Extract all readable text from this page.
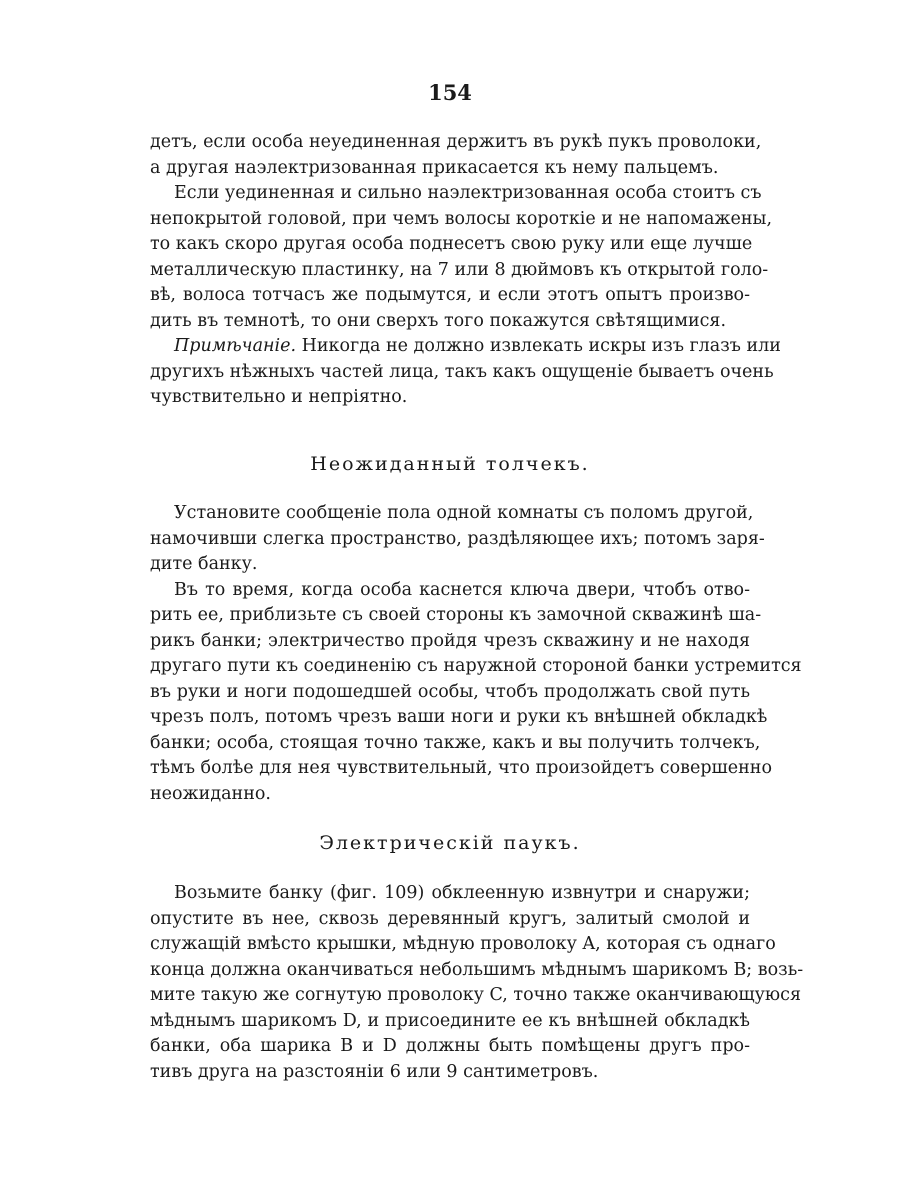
154
детъ, если особа неуединенная держитъ въ рукѣ пукъ проволоки,
а другая наэлектризованная прикасается къ нему пальцемъ.
Если уединенная и сильно наэлектризованная особа стоитъ съ
непокрытой головой, при чемъ волосы короткiе и не напомажены,
то какъ скоро другая особа поднесетъ свою руку или еще лучше
металлическую пластинку, на 7 или 8 дюймовъ къ открытой голо-
вѣ, волоса тотчасъ же подымутся, и если этотъ опытъ произво-
дить въ темнотѣ, то они сверхъ того покажутся свѣтящимися.
Примѣчанiе. Никогда не должно извлекать искры изъ глазъ или
другихъ нѣжныхъ частей лица, такъ какъ ощущенiе бываетъ очень
чувствительно и непрiятно.
Неожиданный толчекъ.
Установите сообщенiе пола одной комнаты съ поломъ другой,
намочивши слегка пространство, раздѣляющее ихъ; потомъ заря-
дите банку.
Въ то время, когда особа каснется ключа двери, чтобъ отво-
рить ее, приблизьте съ своей стороны къ замочной скважинѣ ша-
рикъ банки; электричество пройдя чрезъ скважину и не находя
другаго пути къ соединенiю съ наружной стороной банки устремится
въ руки и ноги подошедшей особы, чтобъ продолжать свой путь
чрезъ полъ, потомъ чрезъ ваши ноги и руки къ внѣшней обкладкѣ
банки; особа, стоящая точно также, какъ и вы получить толчекъ,
тѣмъ болѣе для нея чувствительный, что произойдетъ совершенно
неожиданно.
Электрическiй паукъ.
Возьмите банку (фиг. 109) обклеенную извнутри и снаружи;
опустите въ нее, сквозь деревянный кругъ, залитый смолой и
служащiй вмѣсто крышки, мѣдную проволоку A, которая съ однаго
конца должна оканчиваться небольшимъ мѣднымъ шарикомъ B; возь-
мите такую же согнутую проволоку C, точно также оканчивающуюся
мѣднымъ шарикомъ D, и присоедините ее къ внѣшней обкладкѣ
банки, оба шарика B и D должны быть помѣщены другъ про-
тивъ друга на разстоянiи 6 или 9 сантиметровъ.
